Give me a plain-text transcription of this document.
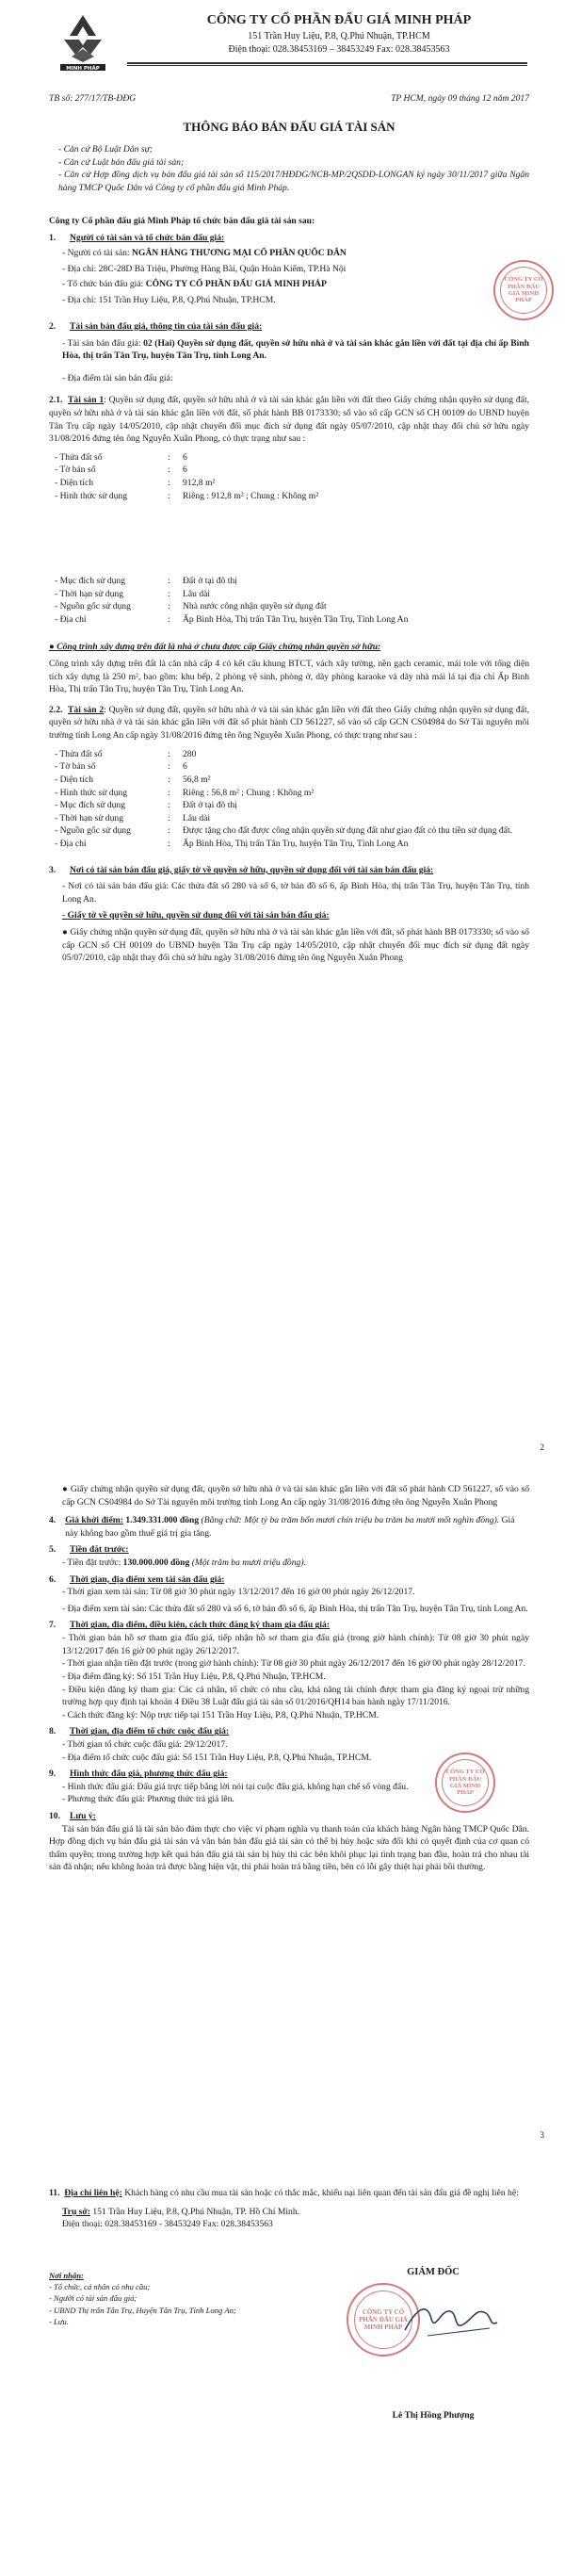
MINH PHÁP
CÔNG TY CỔ PHẦN ĐẤU GIÁ MINH PHÁP
151 Trần Huy Liệu, P.8, Q.Phú Nhuận, TP.HCM
Điện thoại: 028.38453169 – 38453249 Fax: 028.38453563
TB số: 277/17/TB-ĐĐG	TP HCM, ngày 09 tháng 12 năm 2017
THÔNG BÁO BÁN ĐẤU GIÁ TÀI SẢN

- Căn cứ Bộ Luật Dân sự;

- Căn cứ Luật bán đấu giá tài sản;

- Căn cứ Hợp đồng dịch vụ bán đấu giá tài sản số 115/2017/HĐDG/NCB-MP/2QSDD-LONGAN ký ngày 30/11/2017 giữa Ngân hàng TMCP Quốc Dân và Công ty cổ phần đấu giá Minh Pháp.

Công ty Cổ phần đấu giá Minh Pháp tổ chức bán đấu giá tài sản sau:

1.	Người có tài sản và tổ chức bán đấu giá:

- Người có tài sản: NGÂN HÀNG THƯƠNG MẠI CỔ PHẦN QUỐC DÂN

- Địa chỉ: 28C-28D Bà Triệu, Phường Hàng Bài, Quận Hoàn Kiếm, TP.Hà Nội

- Tổ chức bán đấu giá: CÔNG TY CỔ PHẦN ĐẤU GIÁ MINH PHÁP

- Địa chỉ: 151 Trần Huy Liệu, P.8, Q.Phú Nhuận, TP.HCM.

CÔNG TY CỔ PHẦN ĐẤU GIÁ MINH PHÁP
2.	Tài sản bán đấu giá, thông tin của tài sản đấu giá:

- Tài sản bán đấu giá: 02 (Hai) Quyền sử dụng đất, quyền sở hữu nhà ở và tài sản khác gắn liền với đất tại địa chỉ ấp Bình Hòa, thị trấn Tân Trụ, huyện Tân Trụ, tỉnh Long An.

- Địa điểm tài sản bán đấu giá:

2.1. Tài sản 1: Quyền sử dụng đất, quyền sở hữu nhà ở và tài sản khác gắn liền với đất theo Giấy chứng nhận quyền sử dụng đất, quyền sở hữu nhà ở và tài sản khác gắn liền với đất, số phát hành BB 0173330; số vào sổ cấp GCN số CH 00109 do UBND huyện Tân Trụ cấp ngày 14/05/2010, cập nhật chuyển đổi mục đích sử dụng đất ngày 05/07/2010, cập nhật thay đổi chủ sở hữu ngày 31/08/2016 đứng tên ông Nguyễn Xuân Phong, có thực trạng như sau :

- Thửa đất số	:	6
- Tờ bản số	:	6
- Diện tích	:	912,8 m²
- Hình thức sử dụng	:	Riêng : 912,8 m² ; Chung : Không m²
- Mục đích sử dụng	:	Đất ở tại đô thị
- Thời hạn sử dụng	:	Lâu dài
- Nguồn gốc sử dụng	:	Nhà nước công nhận quyền sử dụng đất
- Địa chỉ	:	Ấp Bình Hòa, Thị trấn Tân Trụ, huyện Tân Trụ, Tỉnh Long An

● Công trình xây dựng trên đất là nhà ở chưa được cấp Giấy chứng nhận quyền sở hữu:

Công trình xây dựng trên đất là căn nhà cấp 4 có kết cấu khung BTCT, vách xây tường, nền gạch ceramic, mái tole với tổng diện tích xây dựng là 250 m², bao gồm: khu bếp, 2 phòng vệ sinh, phòng ở, dãy phòng karaoke và dãy nhà mái lá tại địa chỉ Ấp Bình Hòa, Thị trấn Tân Trụ, huyện Tân Trụ, Tỉnh Long An.

2.2. Tài sản 2: Quyền sử dụng đất, quyền sở hữu nhà ở và tài sản khác gắn liền với đất theo Giấy chứng nhận quyền sử dụng đất, quyền sở hữu nhà ở và tài sản khác gắn liền với đất số phát hành CD 561227, số vào sổ cấp GCN CS04984 do Sở Tài nguyên môi trường tỉnh Long An cấp ngày 31/08/2016 đứng tên ông Nguyễn Xuân Phong, có thực trạng như sau :

- Thửa đất số	:	280
- Tờ bản số	:	6
- Diện tích	:	56,8 m²
- Hình thức sử dụng	:	Riêng : 56,8 m² ; Chung : Không m²
- Mục đích sử dụng	:	Đất ở tại đô thị
- Thời hạn sử dụng	:	Lâu dài
- Nguồn gốc sử dụng	:	Được tặng cho đất được công nhận quyền sử dụng đất như giao đất có thu tiền sử dụng đất.
- Địa chỉ	:	Ấp Bình Hòa, Thị trấn Tân Trụ, huyện Tân Trụ, Tỉnh Long An
3.	Nơi có tài sản bán đấu giá, giấy tờ về quyền sở hữu, quyền sử dụng đối với tài sản bán đấu giá:

- Nơi có tài sản bán đấu giá: Các thửa đất số 280 và số 6, tờ bản đồ số 6, ấp Bình Hòa, thị trấn Tân Trụ, huyện Tân Trụ, tỉnh Long An.

- Giấy tờ về quyền sở hữu, quyền sử dụng đối với tài sản bán đấu giá:

● Giấy chứng nhận quyền sử dụng đất, quyền sở hữu nhà ở và tài sản khác gắn liền với đất, số phát hành BB 0173330; số vào sổ cấp GCN số CH 00109 do UBND huyện Tân Trụ cấp ngày 14/05/2010, cập nhật chuyển đổi mục đích sử dụng đất ngày 05/07/2010, cập nhật thay đổi chủ sở hữu ngày 31/08/2016 đứng tên ông Nguyễn Xuân Phong

2

● Giấy chứng nhận quyền sử dụng đất, quyền sở hữu nhà ở và tài sản khác gắn liền với đất số phát hành CD 561227, số vào sổ cấp GCN CS04984 do Sở Tài nguyên môi trường tỉnh Long An cấp ngày 31/08/2016 đứng tên ông Nguyễn Xuân Phong

4.	Giá khởi điểm: 1.349.331.000 đồng (Bằng chữ: Một tỷ ba trăm bốn mươi chín triệu ba trăm ba mươi mốt nghìn đồng). Giá này không bao gồm thuế giá trị gia tăng.
5.	Tiền đặt trước:

- Tiền đặt trước: 130.000.000 đồng (Một trăm ba mươi triệu đồng).

6.	Thời gian, địa điểm xem tài sản đấu giá:

- Thời gian xem tài sản: Từ 08 giờ 30 phút ngày 13/12/2017 đến 16 giờ 00 phút ngày 26/12/2017.

- Địa điểm xem tài sản: Các thửa đất số 280 và số 6, tờ bản đồ số 6, ấp Bình Hòa, thị trấn Tân Trụ, huyện Tân Trụ, tỉnh Long An.

7.	Thời gian, địa điểm, điều kiện, cách thức đăng ký tham gia đấu giá:

- Thời gian bán hồ sơ tham gia đấu giá, tiếp nhận hồ sơ tham gia đấu giá (trong giờ hành chính): Từ 08 giờ 30 phút ngày 13/12/2017 đến 16 giờ 00 phút ngày 26/12/2017.

- Thời gian nhận tiền đặt trước (trong giờ hành chính): Từ 08 giờ 30 phút ngày 26/12/2017 đến 16 giờ 00 phút ngày 28/12/2017.

- Địa điểm đăng ký: Số 151 Trần Huy Liệu, P.8, Q.Phú Nhuận, TP.HCM.

- Điều kiện đăng ký tham gia: Các cá nhân, tổ chức có nhu cầu, khả năng tài chính được tham gia đăng ký ngoại trừ những trường hợp quy định tại khoản 4 Điều 38 Luật đấu giá tài sản số 01/2016/QH14 ban hành ngày 17/11/2016.

- Cách thức đăng ký: Nộp trực tiếp tại 151 Trần Huy Liệu, P.8, Q.Phú Nhuận, TP.HCM.

8.	Thời gian, địa điểm tổ chức cuộc đấu giá:

- Thời gian tổ chức cuộc đấu giá: 29/12/2017.

- Địa điểm tổ chức cuộc đấu giá: Số 151 Trần Huy Liệu, P.8, Q.Phú Nhuận, TP.HCM.

9.	Hình thức đấu giá, phương thức đấu giá:

- Hình thức đấu giá: Đấu giá trực tiếp bằng lời nói tại cuộc đấu giá, không hạn chế số vòng đấu.

- Phương thức đấu giá: Phương thức trả giá lên.

10.	Lưu ý:

Tài sản bán đấu giá là tài sản bảo đảm thực cho việc vi phạm nghĩa vụ thanh toán của khách hàng Ngân hàng TMCP Quốc Dân. Hợp đồng dịch vụ bán đấu giá tài sản và văn bản bán đấu giá tài sản có thể bị hủy hoặc sửa đổi khi có quyết định của cơ quan có thẩm quyền; trong trường hợp kết quả bán đấu giá tài sản bị hủy thì các bên khôi phục lại tình trạng ban đầu, hoàn trả cho nhau tài sản đã nhận; nếu không hoàn trả được bằng hiện vật, thì phải hoàn trả bằng tiền, bên có lỗi gây thiệt hại phải bồi thường.

CÔNG TY CỔ PHẦN ĐẤU GIÁ MINH PHÁP
3

11. Địa chỉ liên hệ: Khách hàng có nhu cầu mua tài sản hoặc có thắc mắc, khiếu nại liên quan đến tài sản đấu giá đề nghị liên hệ:

Trụ sở: 151 Trần Huy Liệu, P.8, Q.Phú Nhuận, TP. Hồ Chí Minh.

Điện thoại: 028.38453169 - 38453249 Fax: 028.38453563

Nơi nhận:

- Tổ chức, cá nhân có nhu cầu;

- Người có tài sản đấu giá;

- UBND Thị trấn Tân Trụ, Huyện Tân Trụ, Tỉnh Long An;

- Lưu.

GIÁM ĐỐC

CÔNG TY CỔ PHẦN ĐẤU GIÁ MINH PHÁP

Lê Thị Hồng Phượng
